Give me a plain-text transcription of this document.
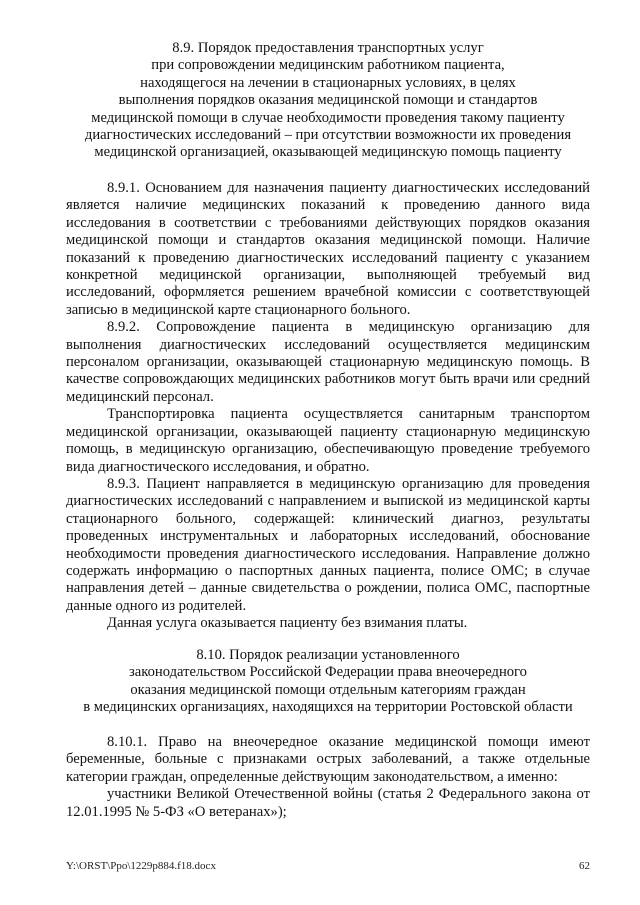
8.9. Порядок предоставления транспортных услуг
при сопровождении медицинским работником пациента,
находящегося на лечении в стационарных условиях, в целях
выполнения порядков оказания медицинской помощи и стандартов
медицинской помощи в случае необходимости проведения такому пациенту
диагностических исследований – при отсутствии возможности их проведения
медицинской организацией, оказывающей медицинскую помощь пациенту

8.9.1. Основанием для назначения пациенту диагностических исследований является наличие медицинских показаний к проведению данного вида исследования в соответствии с требованиями действующих порядков оказания медицинской помощи и стандартов оказания медицинской помощи. Наличие показаний к проведению диагностических исследований пациенту с указанием конкретной медицинской организации, выполняющей требуемый вид исследований, оформляется решением врачебной комиссии с соответствующей записью в медицинской карте стационарного больного.

8.9.2. Сопровождение пациента в медицинскую организацию для выполнения диагностических исследований осуществляется медицинским персоналом организации, оказывающей стационарную медицинскую помощь. В качестве сопровождающих медицинских работников могут быть врачи или средний медицинский персонал.

Транспортировка пациента осуществляется санитарным транспортом медицинской организации, оказывающей пациенту стационарную медицинскую помощь, в медицинскую организацию, обеспечивающую проведение требуемого вида диагностического исследования, и обратно.

8.9.3. Пациент направляется в медицинскую организацию для проведения диагностических исследований с направлением и выпиской из медицинской карты стационарного больного, содержащей: клинический диагноз, результаты проведенных инструментальных и лабораторных исследований, обоснование необходимости проведения диагностического исследования. Направление должно содержать информацию о паспортных данных пациента, полисе ОМС; в случае направления детей – данные свидетельства о рождении, полиса ОМС, паспортные данные одного из родителей.

Данная услуга оказывается пациенту без взимания платы.

8.10. Порядок реализации установленного
законодательством Российской Федерации права внеочередного
оказания медицинской помощи отдельным категориям граждан
в медицинских организациях, находящихся на территории Ростовской области

8.10.1. Право на внеочередное оказание медицинской помощи имеют беременные, больные с признаками острых заболеваний, а также отдельные категории граждан, определенные действующим законодательством, а именно:

участники Великой Отечественной войны (статья 2 Федерального закона от 12.01.1995 № 5-ФЗ «О ветеранах»);

Y:\ORST\Ppo\1229p884.f18.docx	62
